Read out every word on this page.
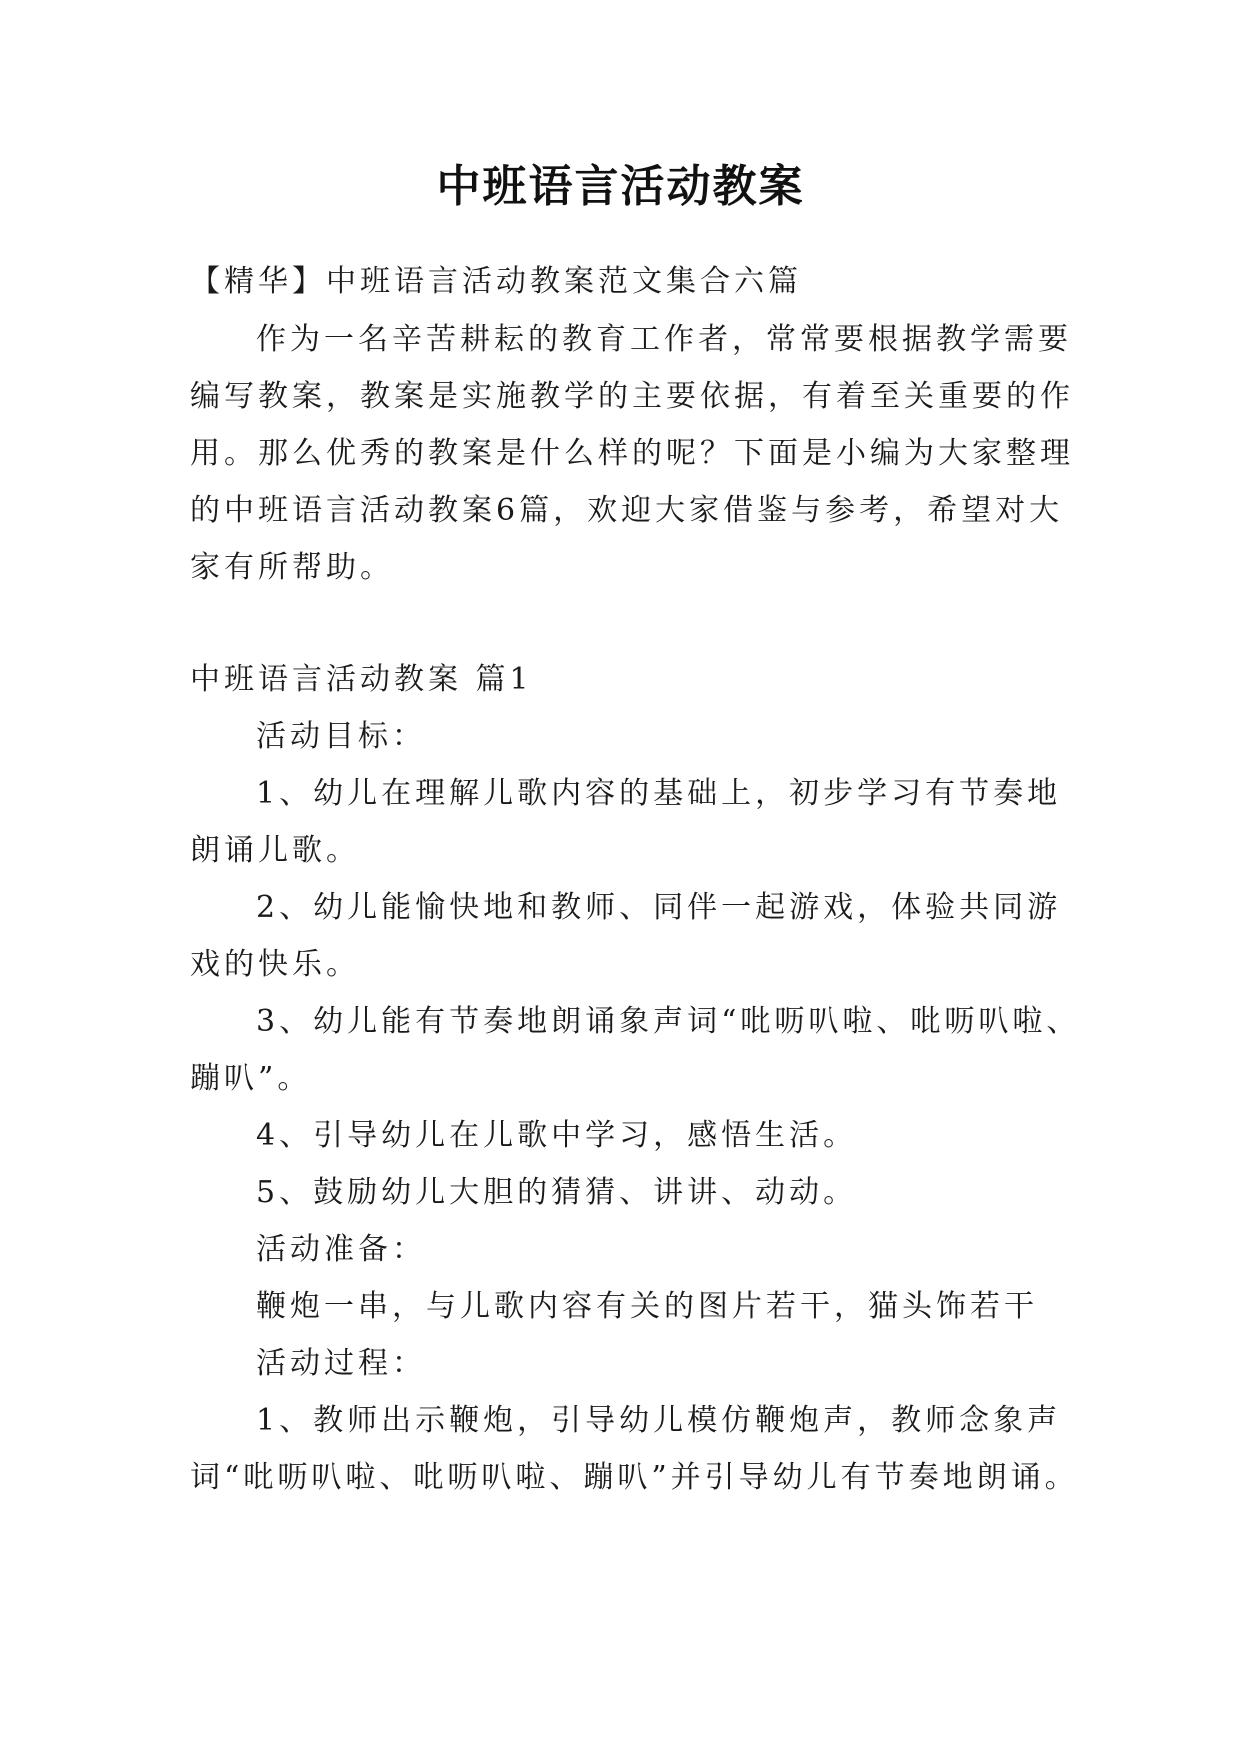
中班语言活动教案

【精华】中班语言活动教案范文集合六篇

作为一名辛苦耕耘的教育工作者，常常要根据教学需要

编写教案，教案是实施教学的主要依据，有着至关重要的作

用。那么优秀的教案是什么样的呢？下面是小编为大家整理

的中班语言活动教案6篇，欢迎大家借鉴与参考，希望对大

家有所帮助。

中班语言活动教案 篇1

活动目标：

1、幼儿在理解儿歌内容的基础上，初步学习有节奏地

朗诵儿歌。

2、幼儿能愉快地和教师、同伴一起游戏，体验共同游

戏的快乐。

3、幼儿能有节奏地朗诵象声词“吡呖叭啦、吡呖叭啦、

蹦叭”。

4、引导幼儿在儿歌中学习，感悟生活。

5、鼓励幼儿大胆的猜猜、讲讲、动动。

活动准备：

鞭炮一串，与儿歌内容有关的图片若干，猫头饰若干

活动过程：

1、教师出示鞭炮，引导幼儿模仿鞭炮声，教师念象声

词“吡呖叭啦、吡呖叭啦、蹦叭”并引导幼儿有节奏地朗诵。
